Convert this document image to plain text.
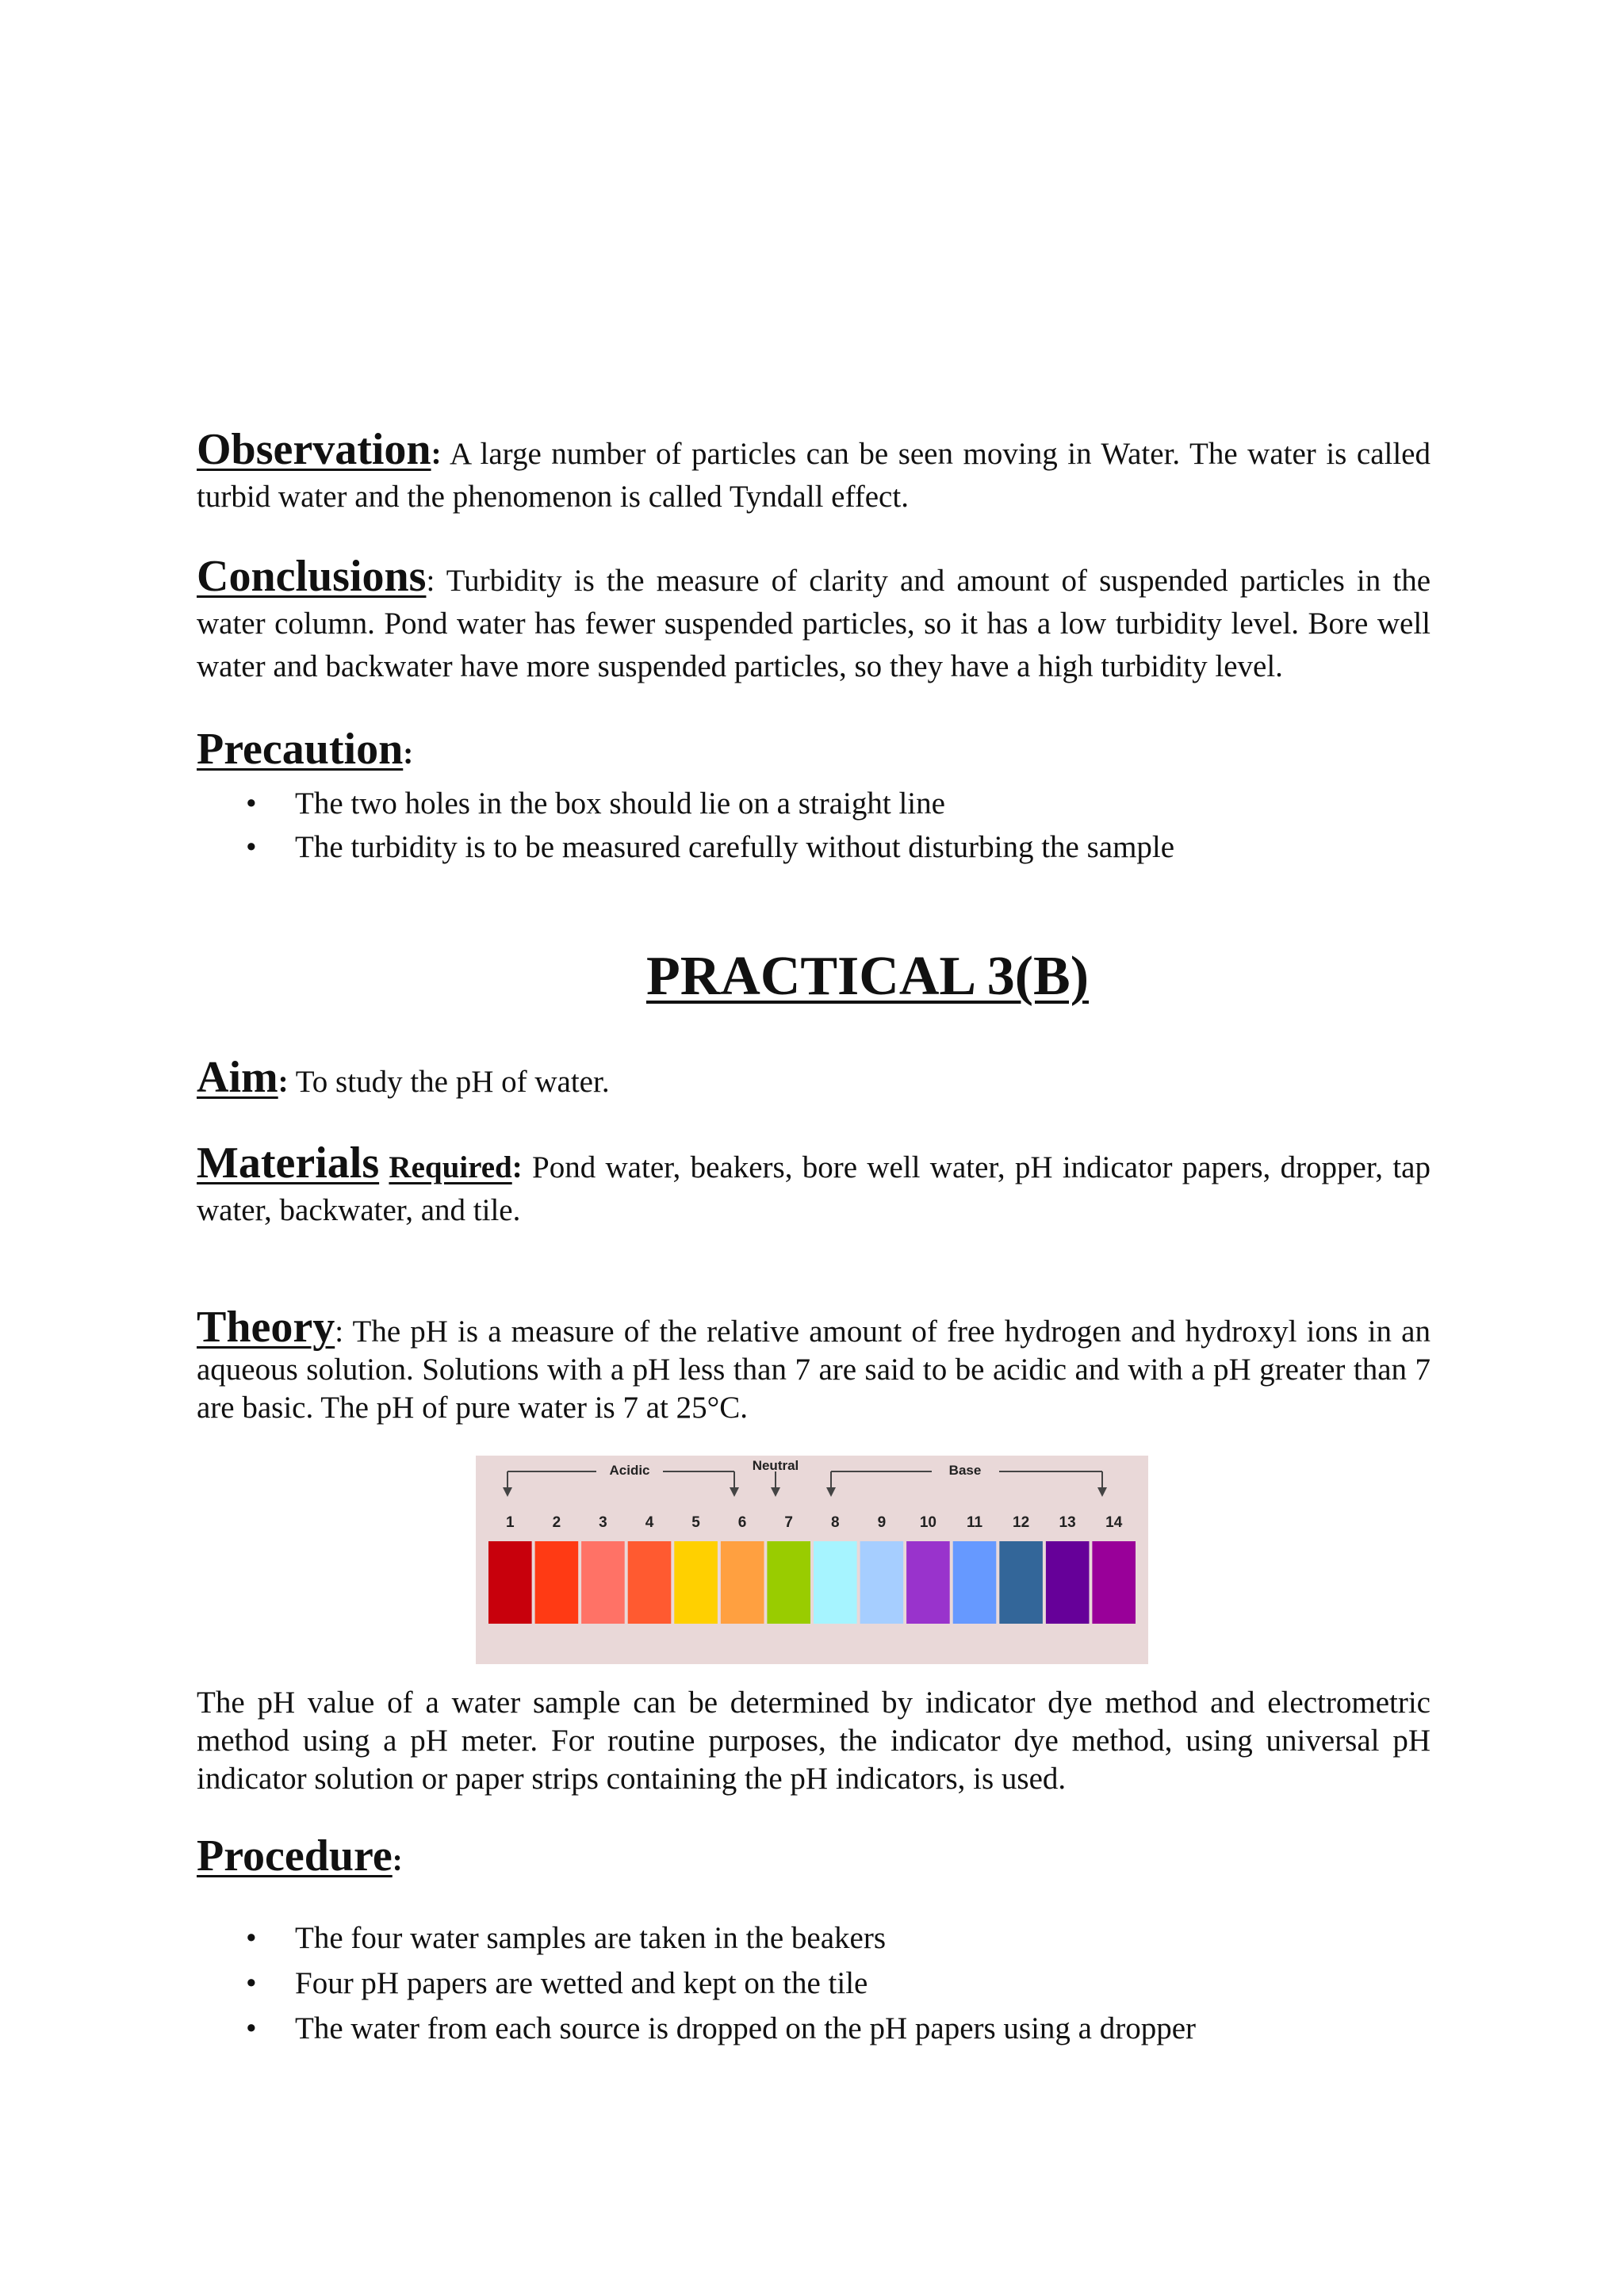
Observation: A large number of particles can be seen moving in Water. The water is called turbid water and the phenomenon is called Tyndall effect.

Conclusions: Turbidity is the measure of clarity and amount of suspended particles in the water column. Pond water has fewer suspended particles, so it has a low turbidity level. Bore well water and backwater have more suspended particles, so they have a high turbidity level.

Precaution:

• The two holes in the box should lie on a straight line
• The turbidity is to be measured carefully without disturbing the sample
PRACTICAL 3(B)

Aim: To study the pH of water.

Materials Required: Pond water, beakers, bore well water, pH indicator papers, dropper, tap water, backwater, and tile.

Theory: The pH is a measure of the relative amount of free hydrogen and hydroxyl ions in an aqueous solution. Solutions with a pH less than 7 are said to be acidic and with a pH greater than 7 are basic. The pH of pure water is 7 at 25°C.

Acidic	Neutral	Base
1	2	3	4	5	6	7	8	9 10 11 12 13 14

The pH value of a water sample can be determined by indicator dye method and electrometric method using a pH meter. For routine purposes, the indicator dye method, using universal pH indicator solution or paper strips containing the pH indicators, is used.

Procedure:

• The four water samples are taken in the beakers
• Four pH papers are wetted and kept on the tile
• The water from each source is dropped on the pH papers using a dropper
